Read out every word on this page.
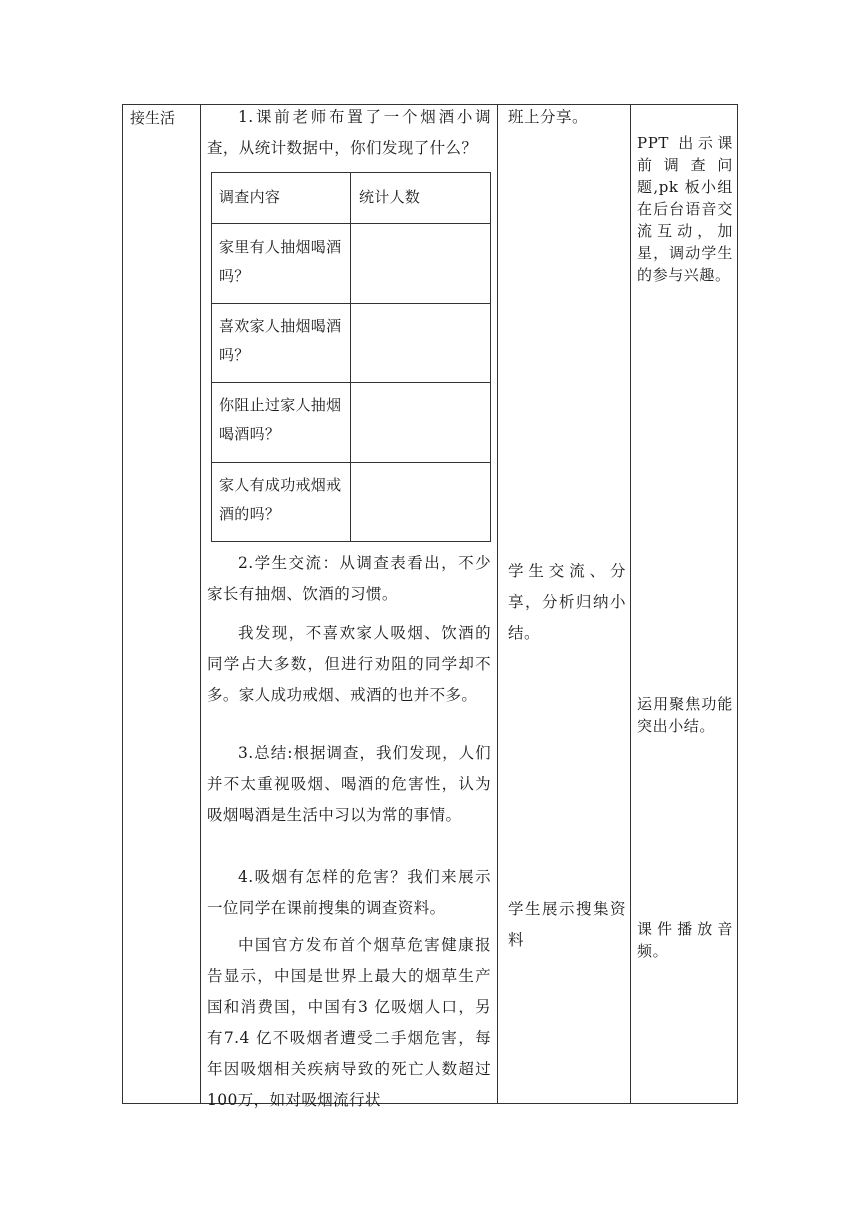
接生活	1.课前老师布置了一个烟酒小调查，从统计数据中，你们发现了什么？
调查内容	统计人数
家里有人抽烟喝酒吗？
喜欢家人抽烟喝酒吗？
你阻止过家人抽烟喝酒吗？
家人有成功戒烟戒酒的吗？
2.学生交流：从调查表看出，不少家长有抽烟、饮酒的习惯。
我发现，不喜欢家人吸烟、饮酒的同学占大多数，但进行劝阻的同学却不多。家人成功戒烟、戒酒的也并不多。
3.总结:根据调查，我们发现，人们并不太重视吸烟、喝酒的危害性，认为吸烟喝酒是生活中习以为常的事情。
4.吸烟有怎样的危害？我们来展示一位同学在课前搜集的调查资料。
中国官方发布首个烟草危害健康报告显示，中国是世界上最大的烟草生产国和消费国，中国有3 亿吸烟人口，另有7.4 亿不吸烟者遭受二手烟危害，每年因吸烟相关疾病导致的死亡人数超过100万，如对吸烟流行状
班上分享。
学生交流、分享，分析归纳小结。
学生展示搜集资料
PPT 出示课前调查问题,pk 板小组在后台语音交流互动，加星，调动学生的参与兴趣。
运用聚焦功能突出小结。
课件播放音频。
